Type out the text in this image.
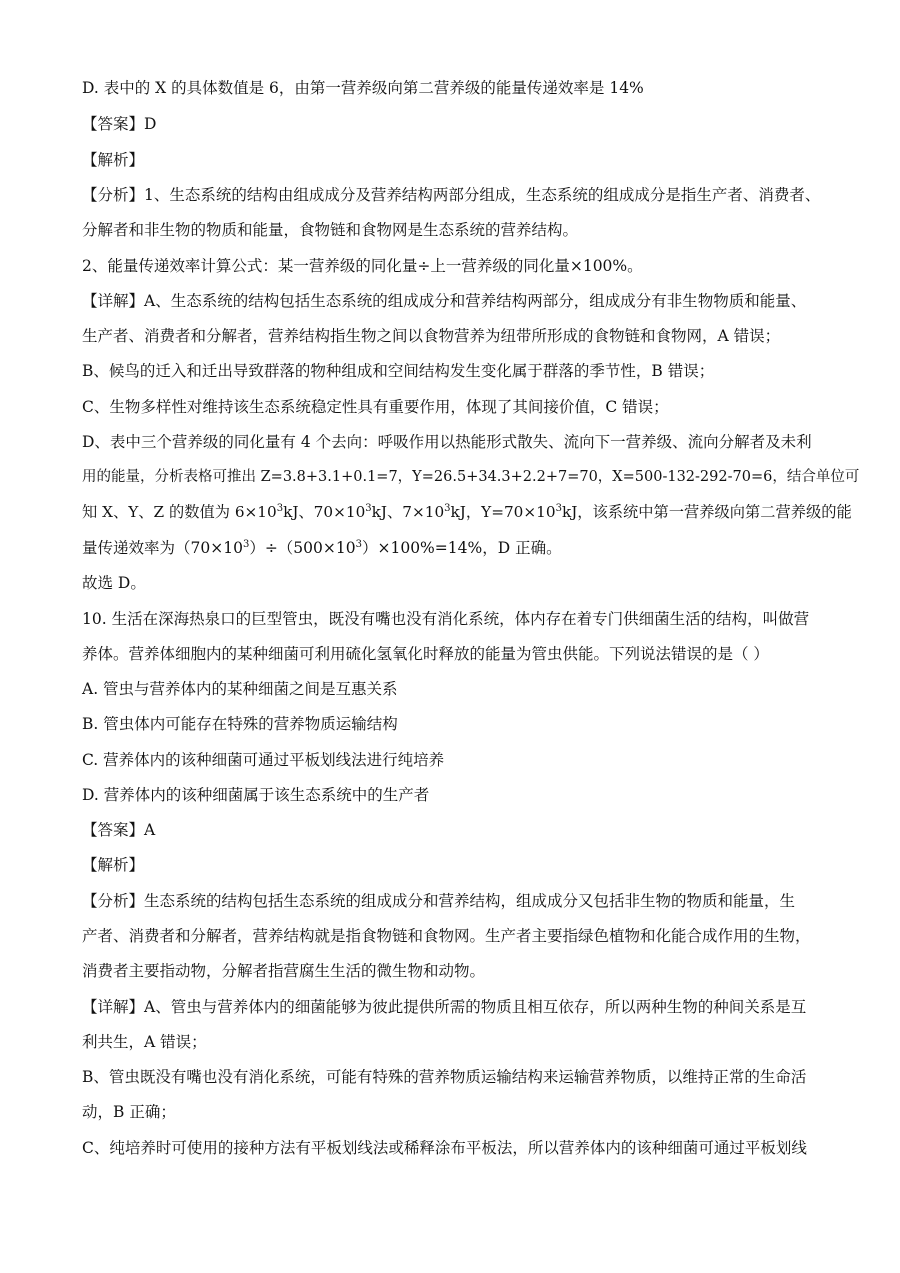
D. 表中的 X 的具体数值是 6，由第一营养级向第二营养级的能量传递效率是 14%
【答案】D
【解析】
【分析】1、生态系统的结构由组成成分及营养结构两部分组成，生态系统的组成成分是指生产者、消费者、
分解者和非生物的物质和能量，食物链和食物网是生态系统的营养结构。
2、能量传递效率计算公式：某一营养级的同化量÷上一营养级的同化量×100%。
【详解】A、生态系统的结构包括生态系统的组成成分和营养结构两部分，组成成分有非生物物质和能量、
生产者、消费者和分解者，营养结构指生物之间以食物营养为纽带所形成的食物链和食物网，A 错误；
B、候鸟的迁入和迁出导致群落的物种组成和空间结构发生变化属于群落的季节性，B 错误；
C、生物多样性对维持该生态系统稳定性具有重要作用，体现了其间接价值，C 错误；
D、表中三个营养级的同化量有 4 个去向：呼吸作用以热能形式散失、流向下一营养级、流向分解者及未利
用的能量，分析表格可推出 Z=3.8+3.1+0.1=7，Y=26.5+34.3+2.2+7=70，X=500-132-292-70=6，结合单位可
知 X、Y、Z 的数值为 $6\times 10^3kJ$、$70\times 10^3kJ$、$7\times 10^3kJ$，$Y=70\times 10^3kJ$，该系统中第一营养级向第二营养级的能
量传递效率为$(70\times 10^3)\div(500\times 10^3)\times 100\%=14\%$，D 正确。
故选 D。
10. 生活在深海热泉口的巨型管虫，既没有嘴也没有消化系统，体内存在着专门供细菌生活的结构，叫做营
养体。营养体细胞内的某种细菌可利用硫化氢氧化时释放的能量为管虫供能。下列说法错误的是（ ）
A. 管虫与营养体内的某种细菌之间是互惠关系
B. 管虫体内可能存在特殊的营养物质运输结构
C. 营养体内的该种细菌可通过平板划线法进行纯培养
D. 营养体内的该种细菌属于该生态系统中的生产者
【答案】A
【解析】
【分析】生态系统的结构包括生态系统的组成成分和营养结构，组成成分又包括非生物的物质和能量，生
产者、消费者和分解者，营养结构就是指食物链和食物网。生产者主要指绿色植物和化能合成作用的生物，
消费者主要指动物，分解者指营腐生生活的微生物和动物。
【详解】A、管虫与营养体内的细菌能够为彼此提供所需的物质且相互依存，所以两种生物的种间关系是互
利共生，A 错误；
B、管虫既没有嘴也没有消化系统，可能有特殊的营养物质运输结构来运输营养物质，以维持正常的生命活
动，B 正确；
C、纯培养时可使用的接种方法有平板划线法或稀释涂布平板法，所以营养体内的该种细菌可通过平板划线
